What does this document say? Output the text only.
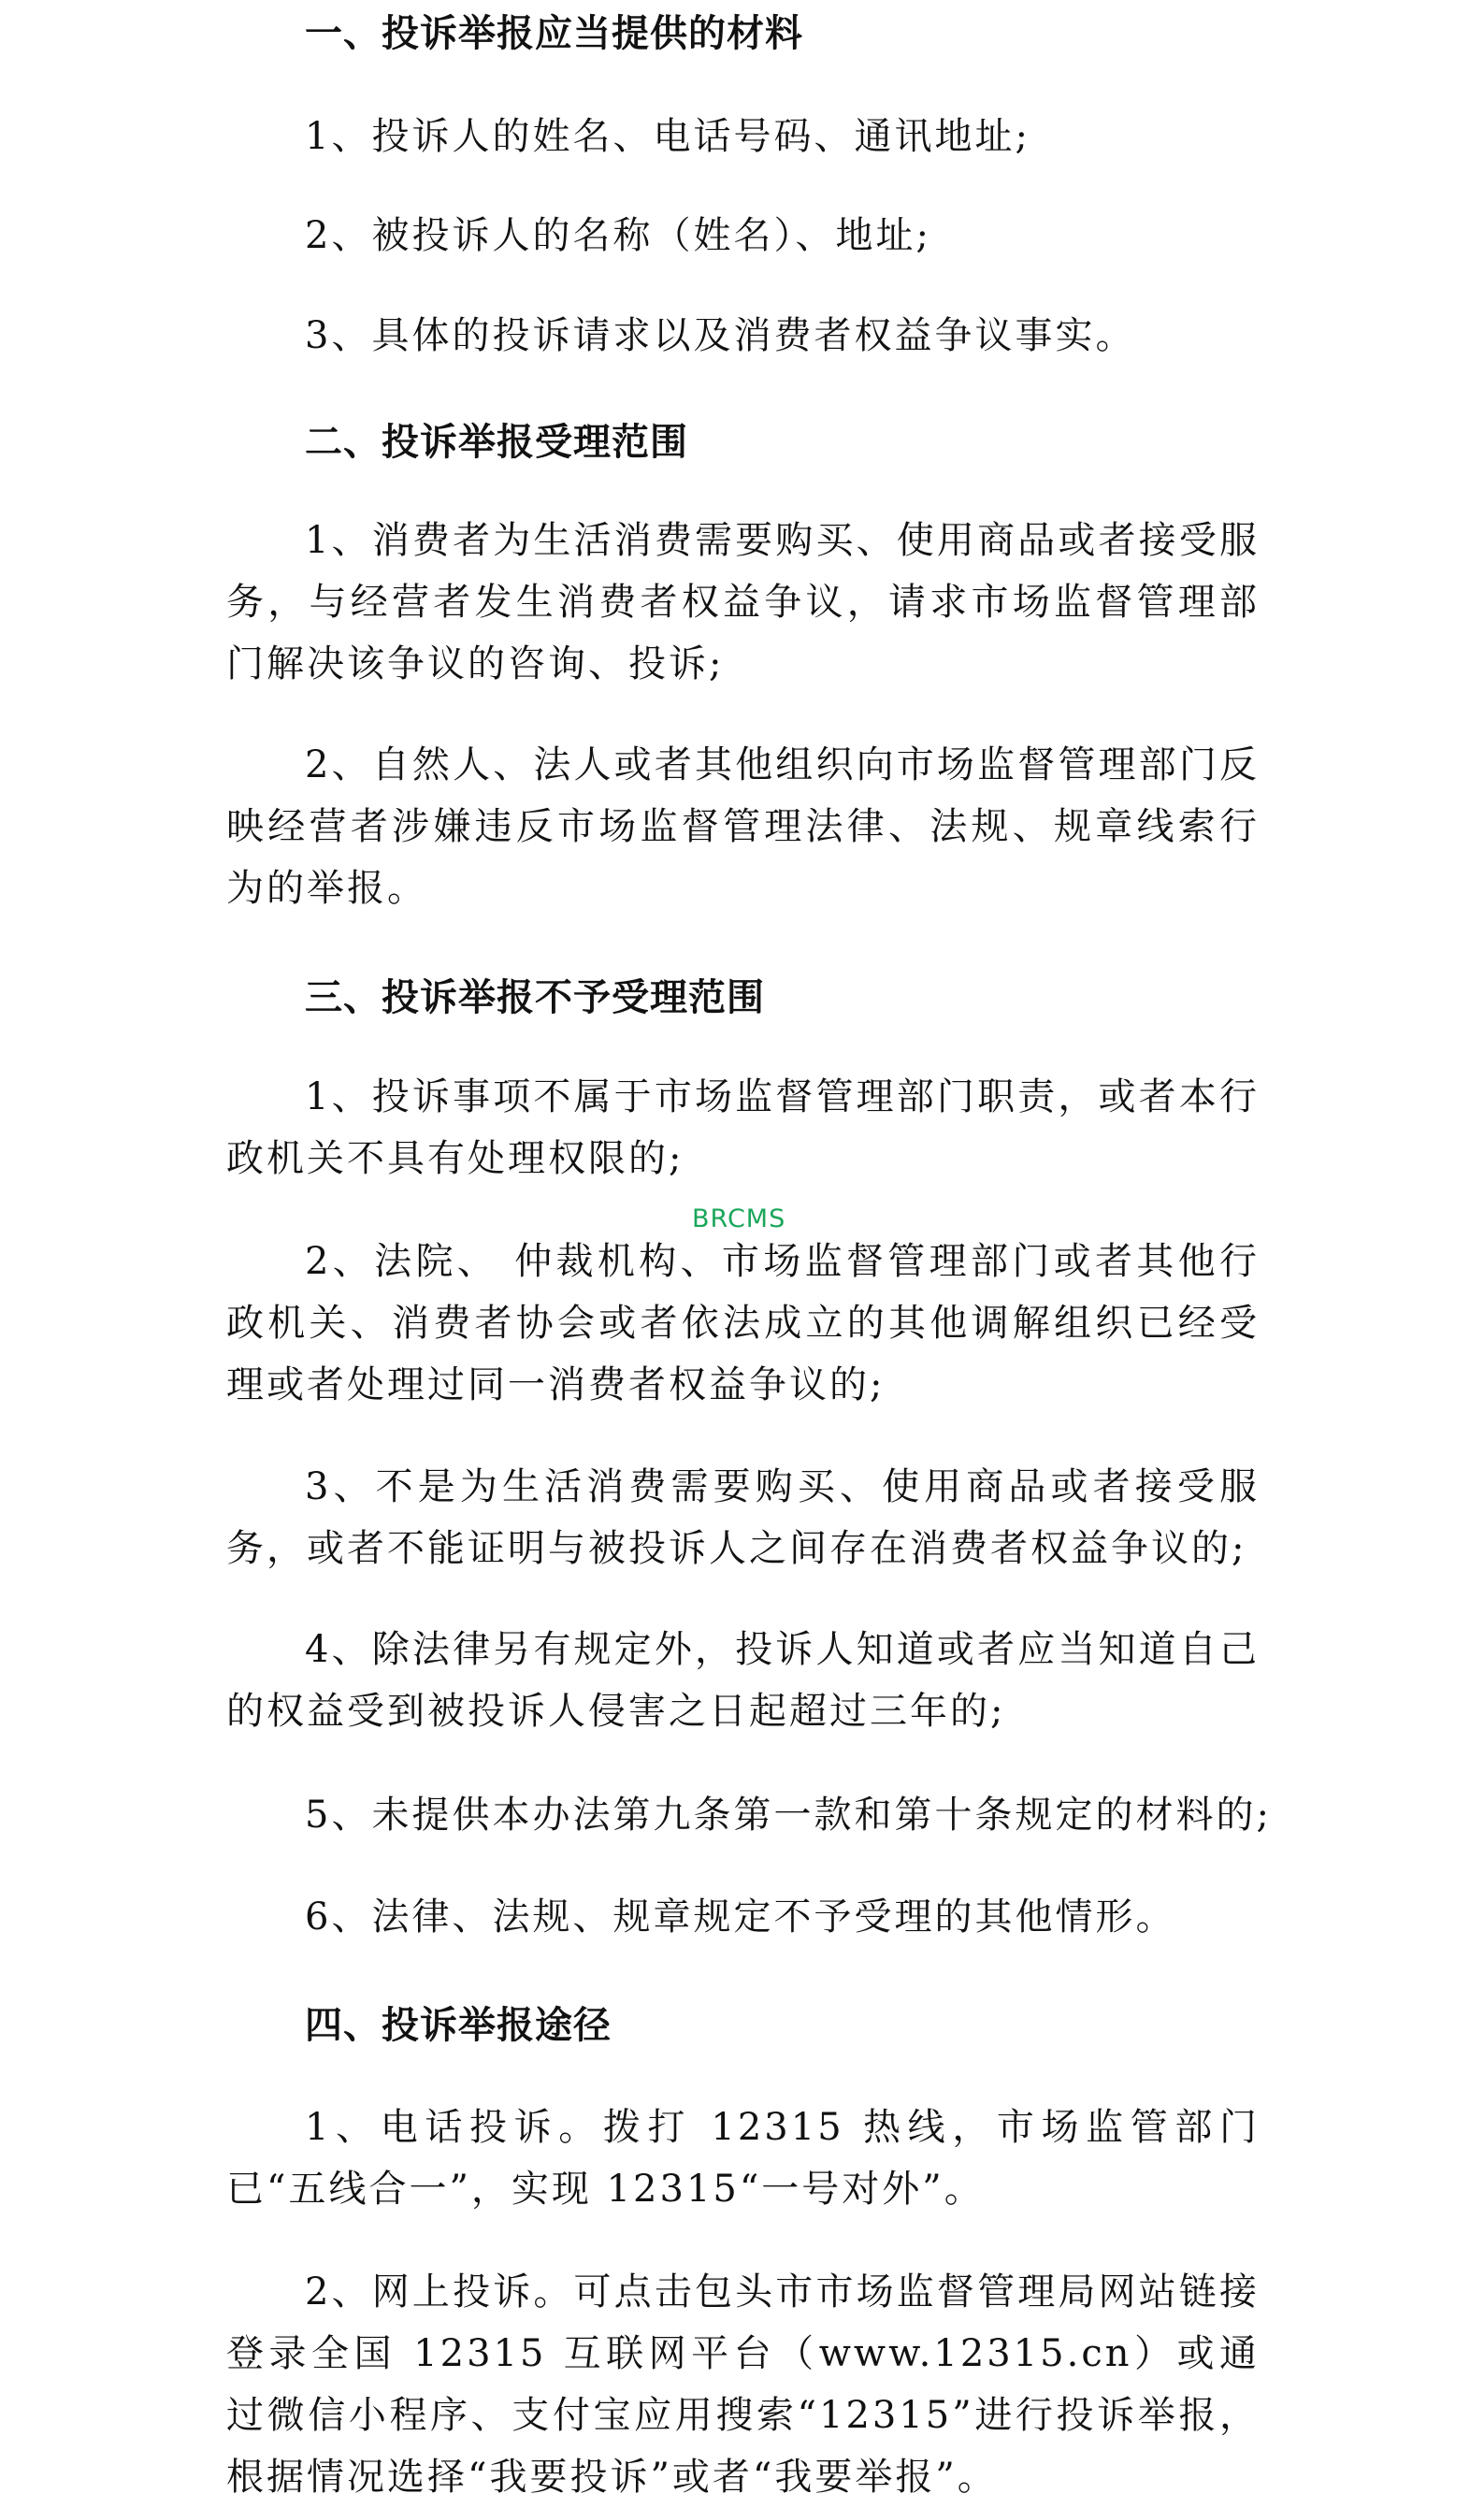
一、投诉举报应当提供的材料
1、投诉人的姓名、电话号码、通讯地址;
2、被投诉人的名称（姓名）、地址;
3、具体的投诉请求以及消费者权益争议事实。
二、投诉举报受理范围
1、消费者为生活消费需要购买、使用商品或者接受服务，与经营者发生消费者权益争议，请求市场监督管理部门解决该争议的咨询、投诉;
2、自然人、法人或者其他组织向市场监督管理部门反映经营者涉嫌违反市场监督管理法律、法规、规章线索行为的举报。
三、投诉举报不予受理范围
1、投诉事项不属于市场监督管理部门职责，或者本行政机关不具有处理权限的;
2、法院、 仲裁机构、市场监督管理部门或者其他行政机关、消费者协会或者依法成立的其他调解组织已经受理或者处理过同一消费者权益争议的;
3、不是为生活消费需要购买、使用商品或者接受服务，或者不能证明与被投诉人之间存在消费者权益争议的;
4、除法律另有规定外，投诉人知道或者应当知道自己的权益受到被投诉人侵害之日起超过三年的;
5、未提供本办法第九条第一款和第十条规定的材料的;
6、法律、法规、规章规定不予受理的其他情形。
四、投诉举报途径
1、电话投诉。拨打 12315 热线，市场监管部门已“五线合一”，实现 12315“一号对外”。
2、网上投诉。可点击包头市市场监督管理局网站链接登录全国 12315 互联网平台（www.12315.cn）或通过微信小程序、支付宝应用搜索“12315”进行投诉举报，根据情况选择“我要投诉”或者“我要举报”。
BRCMS
